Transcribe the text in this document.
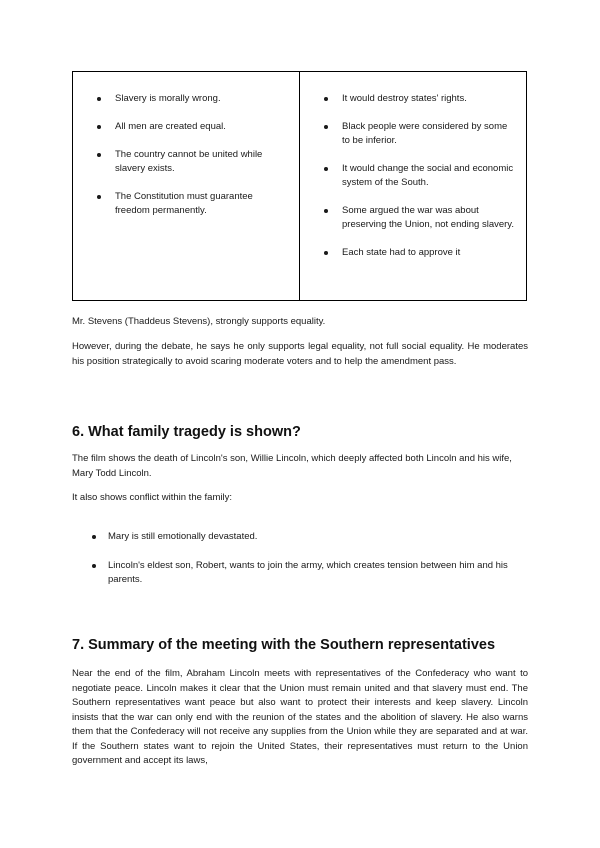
Slavery is morally wrong.
All men are created equal.
The country cannot be united while slavery exists.
The Constitution must guarantee freedom permanently.
It would destroy states' rights.
Black people were considered by some to be inferior.
It would change the social and economic system of the South.
Some argued the war was about preserving the Union, not ending slavery.
Each state had to approve it

Mr. Stevens (Thaddeus Stevens), strongly supports equality.

However, during the debate, he says he only supports legal equality, not full social equality. He moderates his position strategically to avoid scaring moderate voters and to help the amendment pass.

6. What family tragedy is shown?

The film shows the death of Lincoln's son, Willie Lincoln, which deeply affected both Lincoln and his wife, Mary Todd Lincoln.

It also shows conflict within the family:

Mary is still emotionally devastated.
Lincoln's eldest son, Robert, wants to join the army, which creates tension between him and his parents.
7. Summary of the meeting with the Southern representatives

Near the end of the film, Abraham Lincoln meets with representatives of the Confederacy who want to negotiate peace. Lincoln makes it clear that the Union must remain united and that slavery must end. The Southern representatives want peace but also want to protect their interests and keep slavery. Lincoln insists that the war can only end with the reunion of the states and the abolition of slavery. He also warns them that the Confederacy will not receive any supplies from the Union while they are separated and at war. If the Southern states want to rejoin the United States, their representatives must return to the Union government and accept its laws,
